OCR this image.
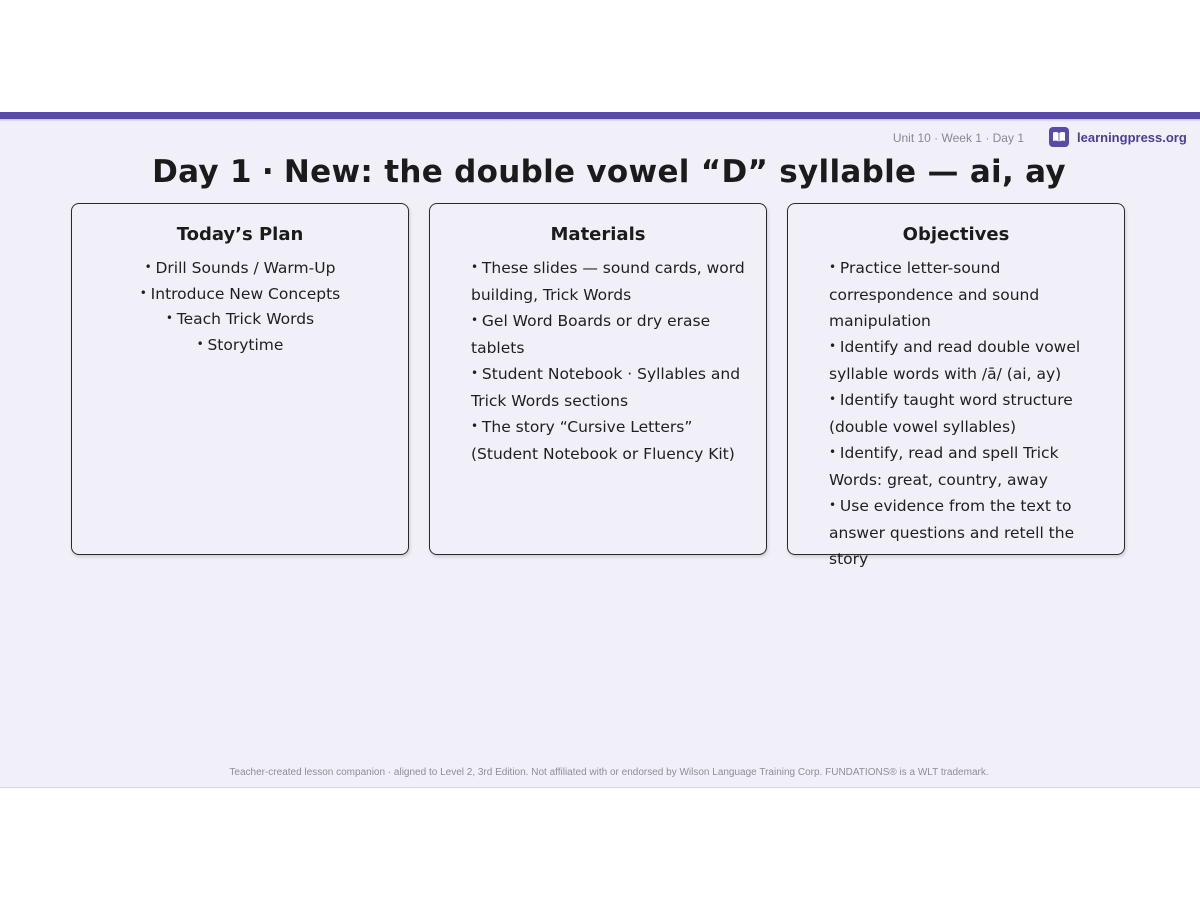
Unit 10 · Week 1 · Day 1	learningpress.org
Day 1 · New: the double vowel “D” syllable — ai, ay
Today’s Plan
• Drill Sounds / Warm-Up
• Introduce New Concepts
• Teach Trick Words
• Storytime
Materials
• These slides — sound cards, word building, Trick Words
• Gel Word Boards or dry erase tablets
• Student Notebook · Syllables and Trick Words sections
• The story “Cursive Letters” (Student Notebook or Fluency Kit)
Objectives
• Practice letter-sound correspondence and sound manipulation
• Identify and read double vowel syllable words with /ā/ (ai, ay)
• Identify taught word structure (double vowel syllables)
• Identify, read and spell Trick Words: great, country, away
• Use evidence from the text to answer questions and retell the story
Teacher-created lesson companion · aligned to Level 2, 3rd Edition. Not affiliated with or endorsed by Wilson Language Training Corp. FUNDATIONS® is a WLT trademark.
